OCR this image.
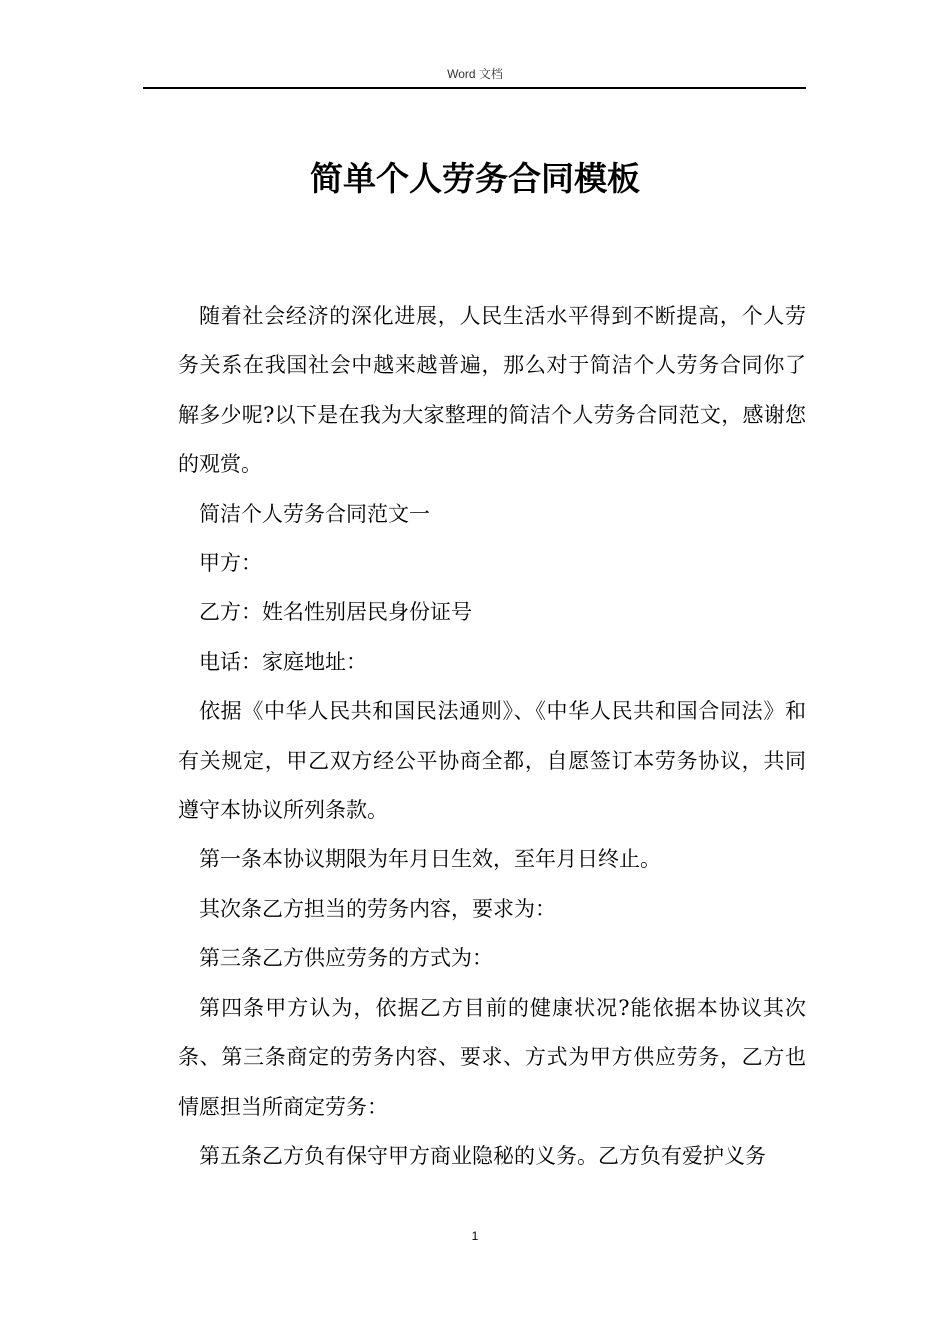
Word 文档
简单个人劳务合同模板

随着社会经济的深化进展，人民生活水平得到不断提高，个人劳务关系在我国社会中越来越普遍，那么对于简洁个人劳务合同你了解多少呢?以下是在我为大家整理的简洁个人劳务合同范文，感谢您的观赏。

简洁个人劳务合同范文一

甲方：

乙方：姓名性别居民身份证号

电话：家庭地址：

依据《中华人民共和国民法通则》、《中华人民共和国合同法》和有关规定，甲乙双方经公平协商全都，自愿签订本劳务协议，共同遵守本协议所列条款。

第一条本协议期限为年月日生效，至年月日终止。

其次条乙方担当的劳务内容，要求为：

第三条乙方供应劳务的方式为：

第四条甲方认为，依据乙方目前的健康状况?能依据本协议其次条、第三条商定的劳务内容、要求、方式为甲方供应劳务，乙方也情愿担当所商定劳务：

第五条乙方负有保守甲方商业隐秘的义务。乙方负有爱护义务

1
